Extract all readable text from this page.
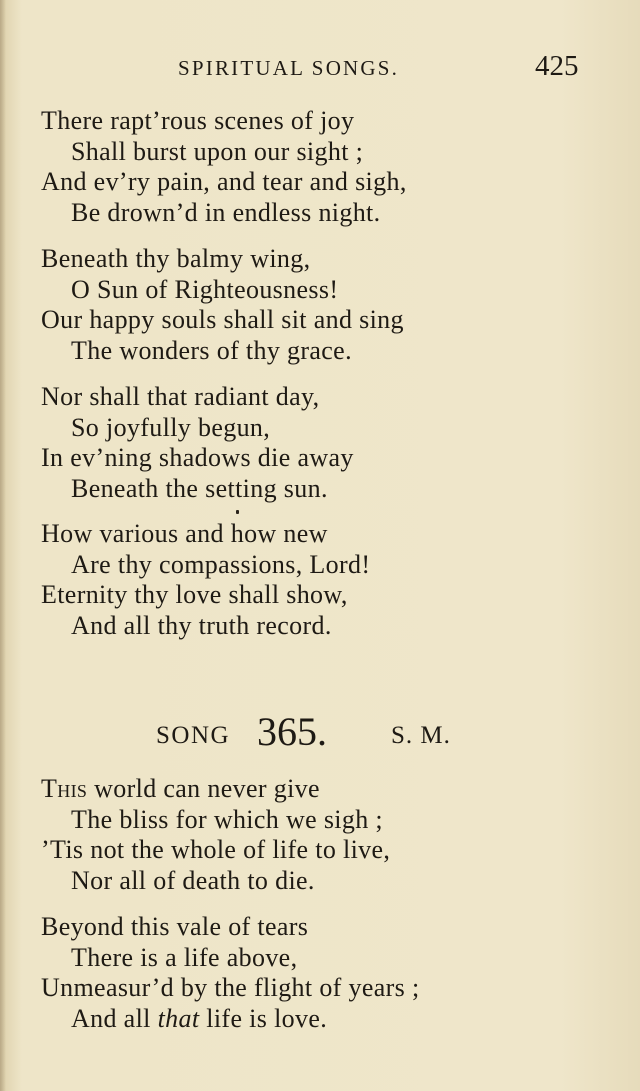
SPIRITUAL SONGS.	425
There rapt’rous scenes of joy
Shall burst upon our sight ;
And ev’ry pain, and tear and sigh,
Be drown’d in endless night.
Beneath thy balmy wing,
O Sun of Righteousness!
Our happy souls shall sit and sing
The wonders of thy grace.
Nor shall that radiant day,
So joyfully begun,
In ev’ning shadows die away
Beneath the setting sun.
How various and how new
Are thy compassions, Lord!
Eternity thy love shall show,
And all thy truth record.
SONG 365.	S. M.
This world can never give
The bliss for which we sigh ;
’Tis not the whole of life to live,
Nor all of death to die.
Beyond this vale of tears
There is a life above,
Unmeasur’d by the flight of years ;
And all that life is love.
